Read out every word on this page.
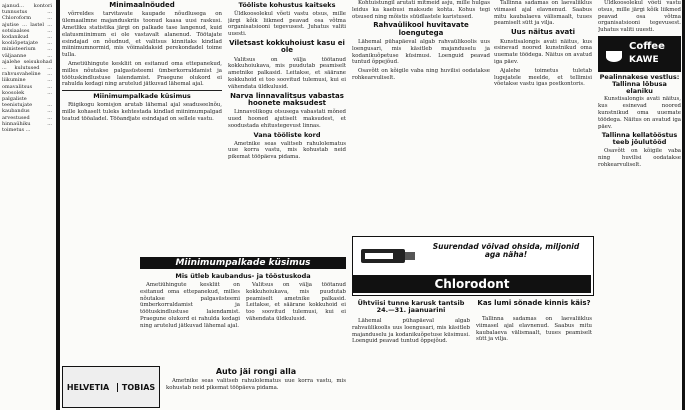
ajanud... kontori tunnustus ... Chloroform ... ajutise ... lastel ... sotsiaalses ... kodanikud ... kooliõpetajate ... ministeerium ... väljaanne ... ajalehe seisukohad ... kulutused ... rahvusvaheline ... liikumine ... omavalitsus ... koosolek ... palgaliste teenistujate ... kaubandus ... arvestused ... hinnaühiku ... toimetus ...
Minimaalnöuded

võrreldes tarvitavate kaupade nõudlusega on ülemaailmne majanduskriis toonud kaasa uusi raskusi. Ametliku statistika järgi on palkade tase langenud, kuid elatusmiinimum ei ole vastavalt alanenud. Töötajate esindajad on nõudnud, et valitsus kinnitaks kindlad miinimumnormid, mis võimaldaksid perekondadel toime tulla.

Ametiühingute keskliit on esitanud oma ettepanekud, milles nõutakse palgasüsteemi ümberkorraldamist ja töötuskindlustuse laiendamist. Praegune olukord ei rahulda kedagi ning arutelud jätkuvad lähemal ajal.

Miinimumpalkade küsimus

Riigikogu komisjon arutab lähemal ajal seaduseelnõu, mille kohaselt tuleks kehtestada kindlad miinimumpalgad teatud tööaladel. Tööandjate esindajad on sellele vastu.

Tööliste kohustus kaitseks

Üldkoosolekul võeti vastu otsus, mille järgi kõik liikmed peavad osa võtma organisatsiooni tegevusest. Juhatus valiti uuesti.

Viletsast kokkuhoiust kasu ei ole

Valitsus on välja töötanud kokkuhoiukava, mis puudutab peamiselt ametnike palkasid. Leitakse, et säärane kokkuhoid ei too soovitud tulemusi, kui ei vähendata üldkulusid.

Narva linnavalitsus vabastas hoonete maksudest

Linnavolikogu otsusega vabastati mõned uued hooned ajutiselt maksudest, et soodustada ehitustegevust linnas.

Vana tööliste kord

Ametnike seas valitseb rahulolematus uue korra vastu, mis kohustab neid pikemat tööpäeva pidama.

Miinimumpalkade küsimus
Mis ütleb kaubandus- ja tööstuskoda

Ametiühingute keskliit on esitanud oma ettepanekud, milles nõutakse palgasüsteemi ümberkorraldamist ja töötuskindlustuse laiendamist. Praegune olukord ei rahulda kedagi ning arutelud jätkuvad lähemal ajal.

Valitsus on välja töötanud kokkuhoiukava, mis puudutab peamiselt ametnike palkasid. Leitakse, et säärane kokkuhoid ei too soovitud tulemusi, kui ei vähendata üldkulusid.

HELVETIA	TOBIAS
Auto jäi rongi alla

Ametnike seas valitseb rahulolematus uue korra vastu, mis kohustab neid pikemat tööpäeva pidama.

Kohtuistungil arutati mitmeid asju, mille hulgas leidus ka kaebusi maksude kohta. Kohus tegi otsused ning mõistis süüdlastele karistused.

Rahvaülikool huvitavate loengutega

Lähemal pühapäeval algab rahvaülikoolis uus loengusari, mis käsitleb majanduselu ja kodanikuõpetuse küsimusi. Loenguid peavad tuntud õppejõud.

Osavõtt on kõigile vaba ning huvilisi oodatakse rohkearvuliselt.

Tallinna sadamas on laevaliiklus viimasel ajal elavnenud. Saabus mitu kaubalaeva välismaalt, tuues peamiselt sütt ja vilja.

Uus näitus avati

Kunstisalongis avati näitus, kus esinevad noored kunstnikud oma uuemate töödega. Näitus on avatud iga päev.

Ajalehe toimetus tuletab lugejatele meelde, et tellimisi võetakse vastu igas postkontoris.

Suurendad võivad ohsida, miljonid aga näha!
Chlorodont
Ühtviisi tunne karusk tantsib 24.—31. jaanuarini

Lähemal pühapäeval algab rahvaülikoolis uus loengusari, mis käsitleb majanduselu ja kodanikuõpetuse küsimusi. Loenguid peavad tuntud õppejõud.

Kas lumi sõnade kinnis käis?

Tallinna sadamas on laevaliiklus viimasel ajal elavnenud. Saabus mitu kaubalaeva välismaalt, tuues peamiselt sütt ja vilja.

Üldkoosolekul võeti vastu otsus, mille järgi kõik liikmed peavad osa võtma organisatsiooni tegevusest. Juhatus valiti uuesti.

Coffee
KAWE
Pealinnakese vestlus: Tallinna lõbusa elaniku

Kunstisalongis avati näitus, kus esinevad noored kunstnikud oma uuemate töödega. Näitus on avatud iga päev.

Tallinna kellatööstus teeb jõulutööd

Osavõtt on kõigile vaba ning huvilisi oodatakse rohkearvuliselt.
